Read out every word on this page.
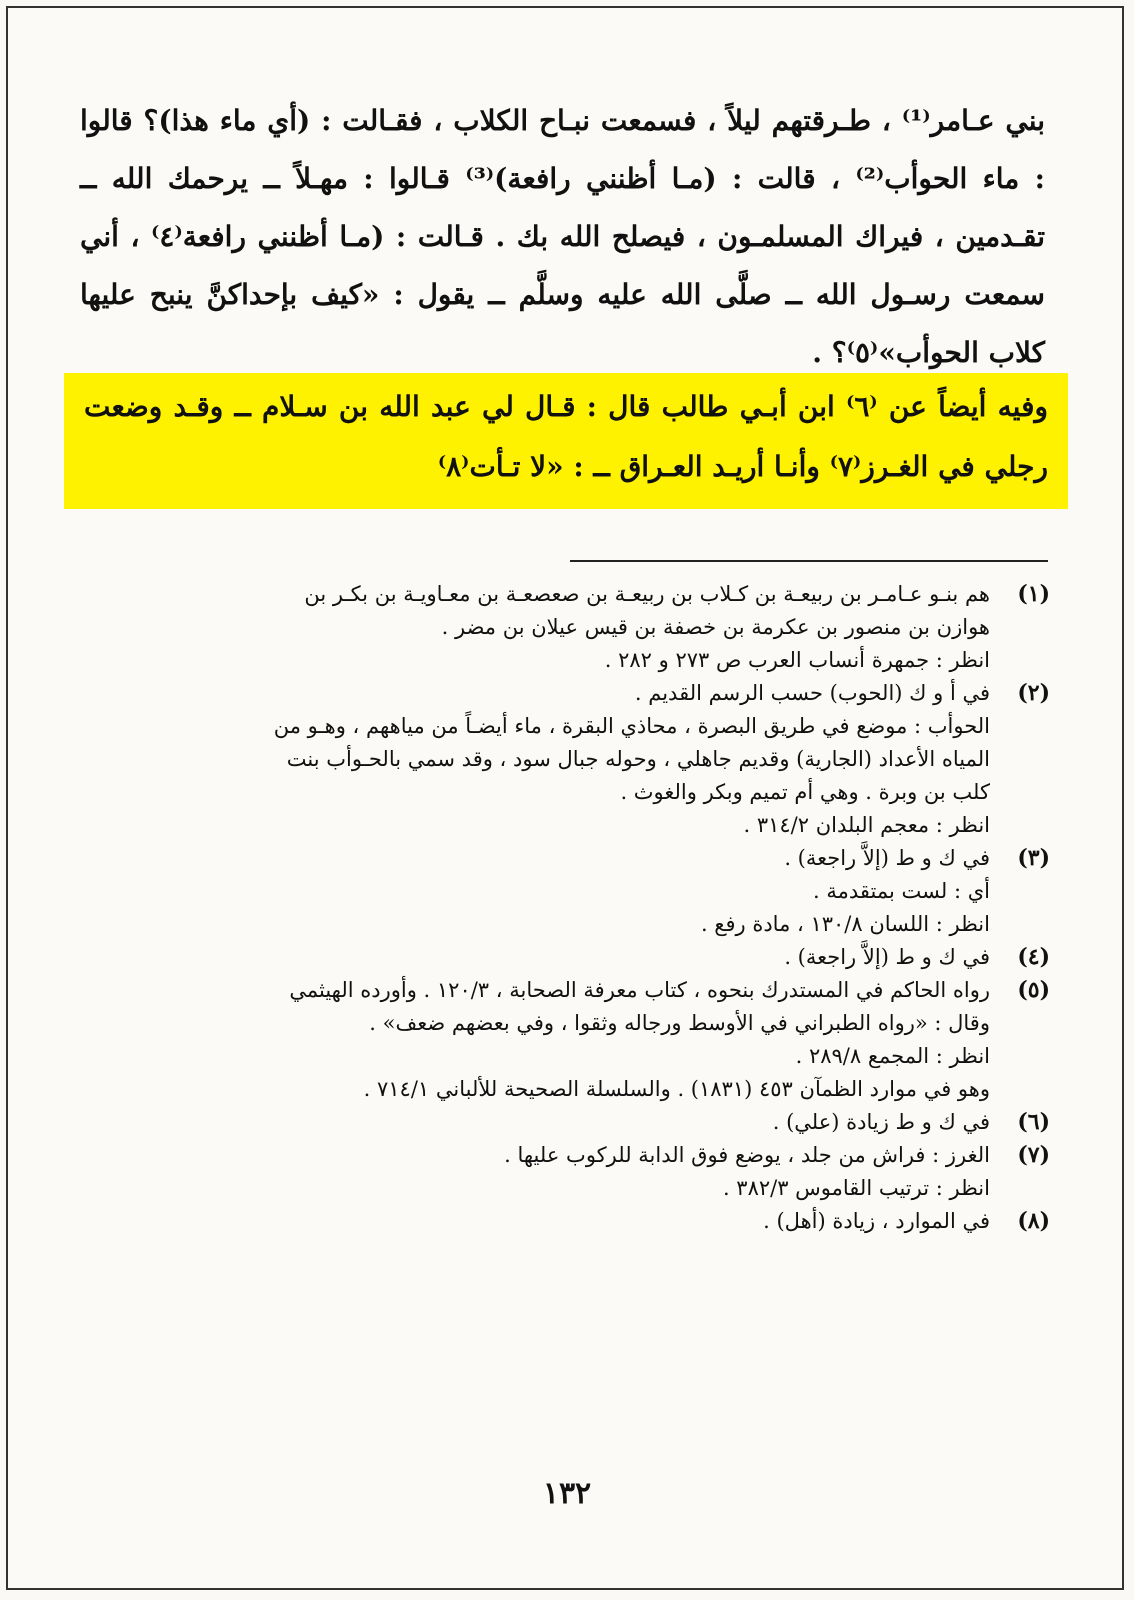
وفيه أيضاً عن ⁽٦⁾ ابن أبـي طالب قال : قـال لي عبد الله بن سـلام ــ وقـد وضعت رجلي في الغـرز⁽٧⁾ وأنـا أريـد العـراق ــ : «لا تـأت⁽٨⁾

بني عـامر⁽¹⁾ ، طـرقتهم ليلاً ، فسمعت نبـاح الكلاب ، فقـالت : (أي ماء هذا)؟ قالوا : ماء الحوأب⁽²⁾ ، قالت : (مـا أظنني رافعة)⁽³⁾ قـالوا : مهـلاً ــ يرحمك الله ــ تقـدمين ، فيراك المسلمـون ، فيصلح الله بك . قـالت : (مـا أظنني رافعة⁽٤⁾ ، أني سمعت رسـول الله ــ صلَّى الله عليه وسلَّم ــ يقول : «كيف بإحداكنَّ ينبح عليها كلاب الحوأب»⁽٥⁾؟ .

(١)
هم بنـو عـامـر بن ربيعـة بن كـلاب بن ربيعـة بن صعصعـة بن معـاويـة بن بكـر بن
هوازن بن منصور بن عكرمة بن خصفة بن قيس عيلان بن مضر .
انظر : جمهرة أنساب العرب ص ٢٧٣ و ٢٨٢ .
(٢)
في أ و ك (الحوب) حسب الرسم القديم .
الحوأب : موضع في طريق البصرة ، محاذي البقرة ، ماء أيضـاً من مياههم ، وهـو من
المياه الأعداد (الجارية) وقديم جاهلي ، وحوله جبال سود ، وقد سمي بالحـوأب بنت
كلب بن وبرة . وهي أم تميم وبكر والغوث .
انظر : معجم البلدان ٣١٤/٢ .
(٣)
في ك و ط (إلاَّ راجعة) .
أي : لست بمتقدمة .
انظر : اللسان ١٣٠/٨ ، مادة رفع .
(٤)
في ك و ط (إلاَّ راجعة) .
(٥)
رواه الحاكم في المستدرك بنحوه ، كتاب معرفة الصحابة ، ١٢٠/٣ . وأورده الهيثمي
وقال : «رواه الطبراني في الأوسط ورجاله وثقوا ، وفي بعضهم ضعف» .
انظر : المجمع ٢٨٩/٨ .
وهو في موارد الظمآن ٤٥٣ (١٨٣١) . والسلسلة الصحيحة للألباني ٧١٤/١ .
(٦)
في ك و ط زيادة (علي) .
(٧)
الغرز : فراش من جلد ، يوضع فوق الدابة للركوب عليها .
انظر : ترتيب القاموس ٣٨٢/٣ .
(٨)
في الموارد ، زيادة (أهل) .
١٣٢
